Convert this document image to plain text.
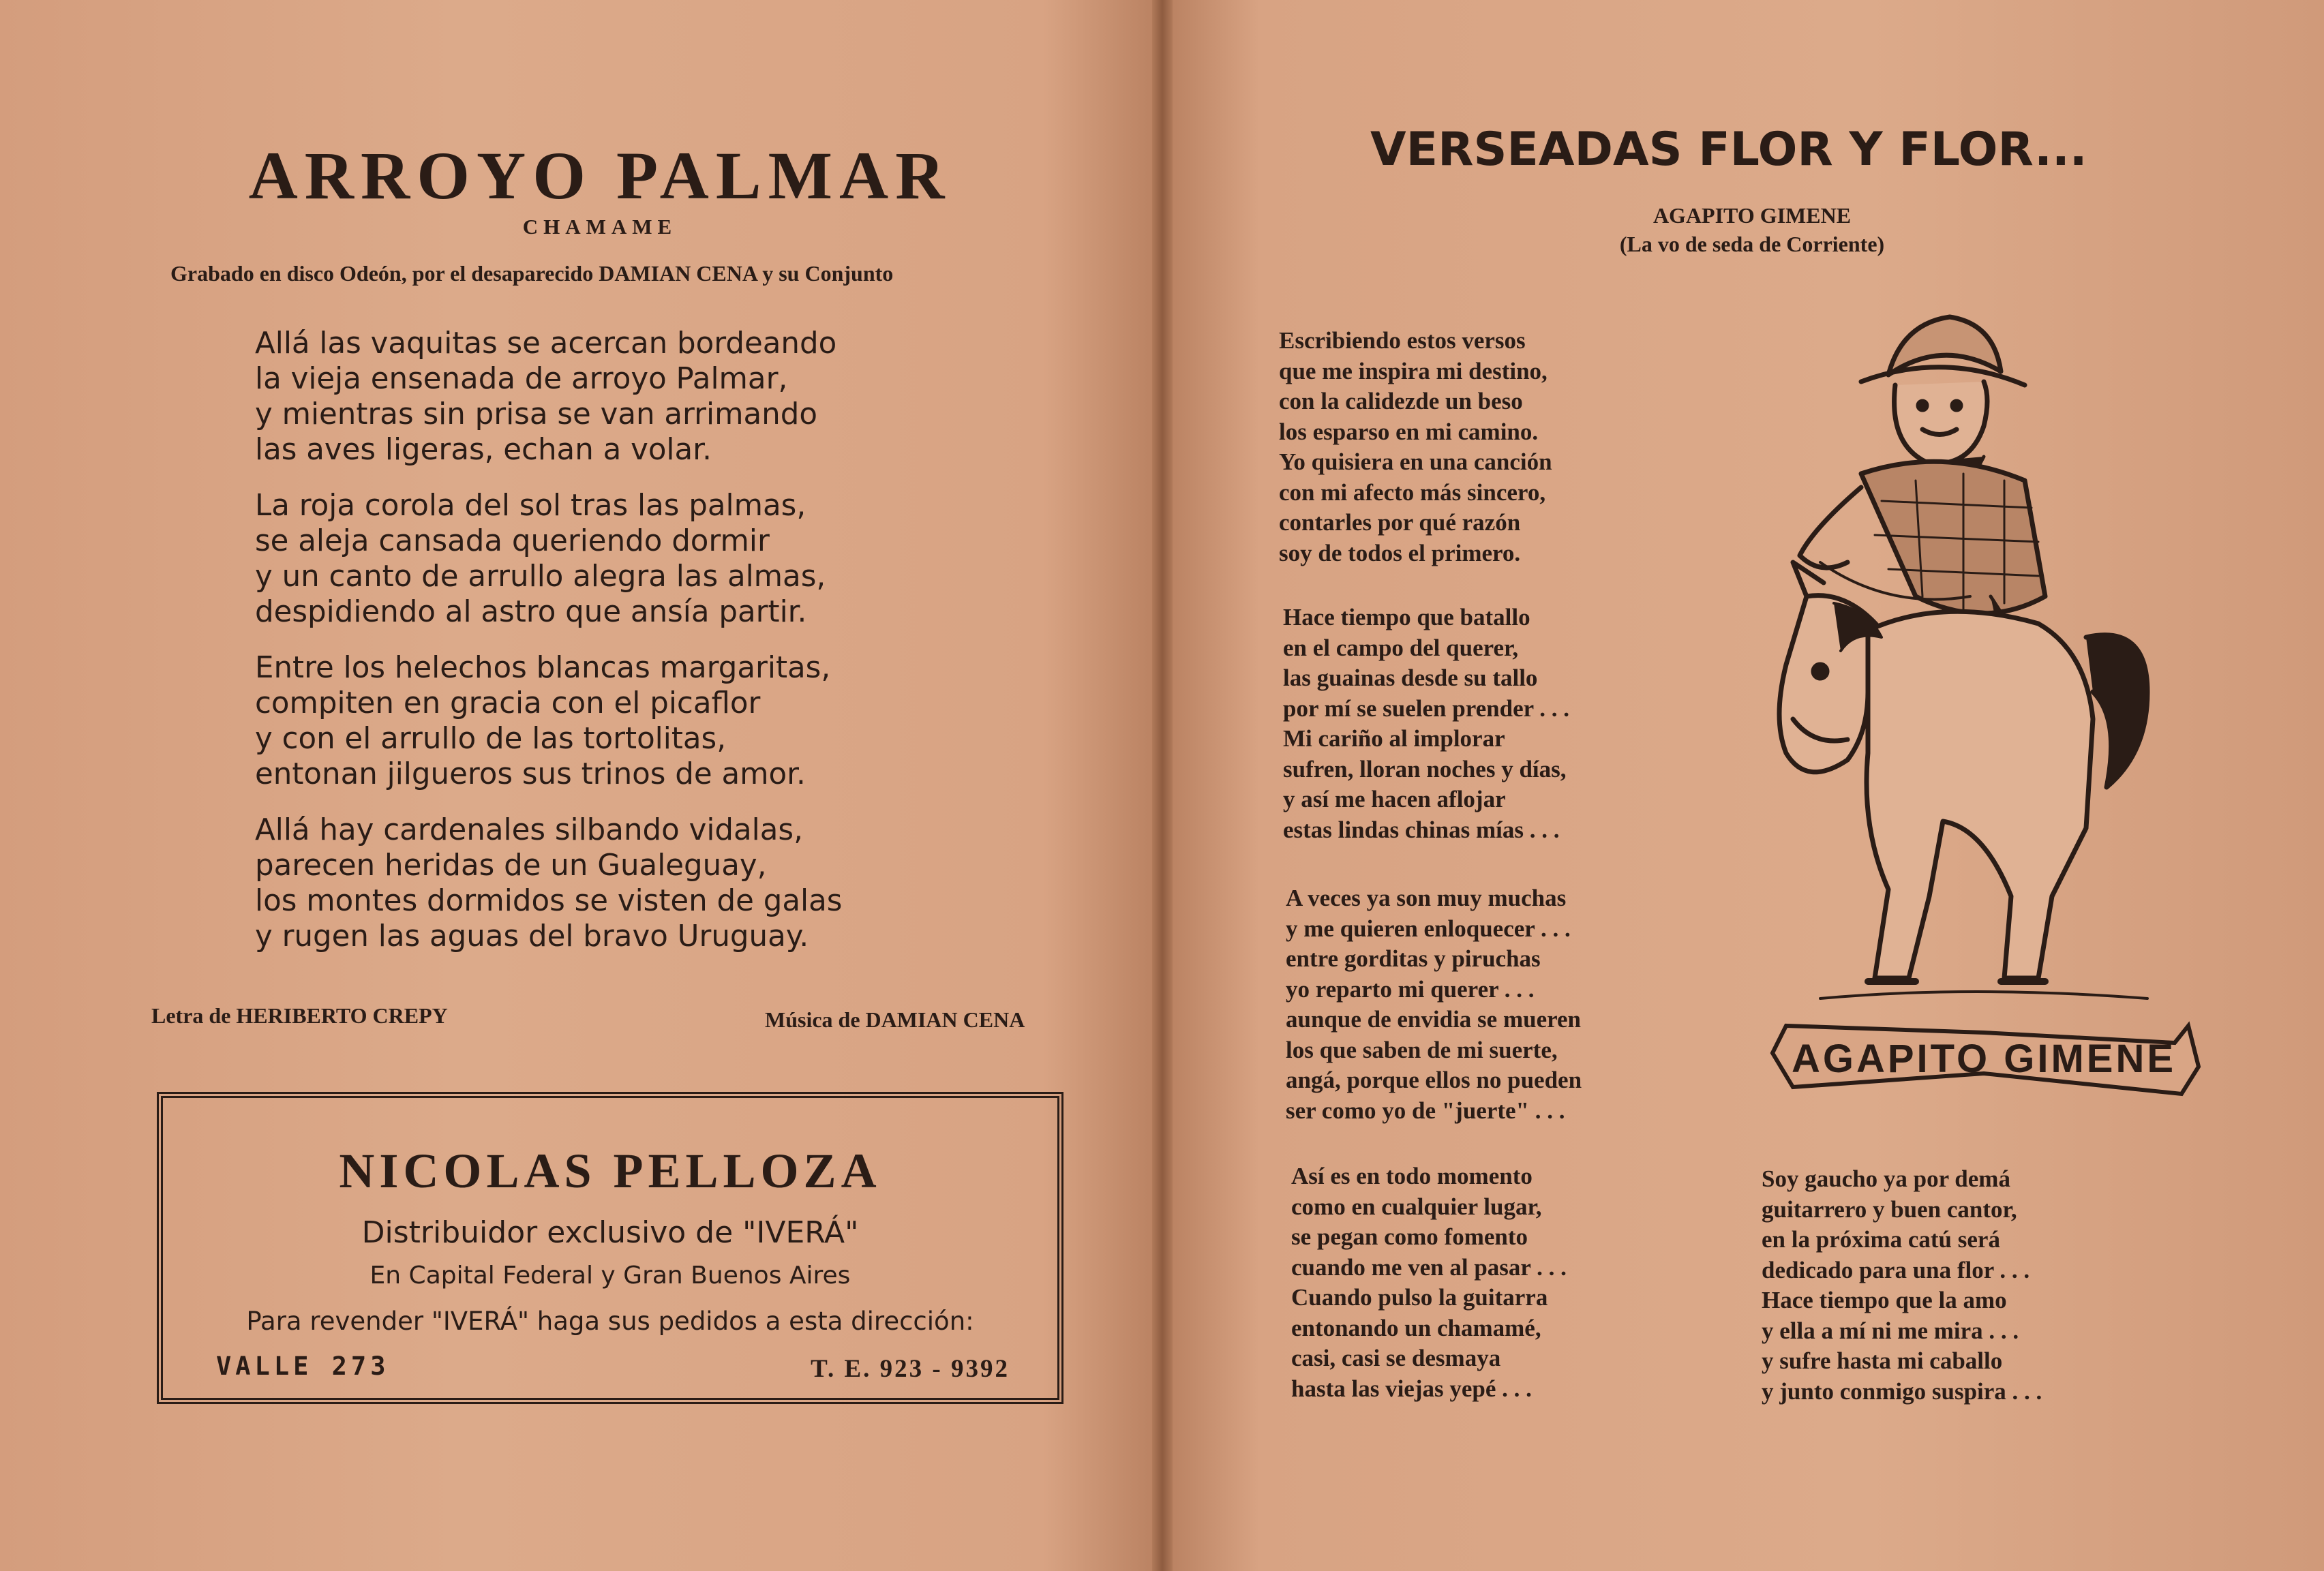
ARROYO PALMAR
CHAMAME
Grabado en disco Odeón, por el desaparecido DAMIAN CENA y su Conjunto
Allá las vaquitas se acercan bordeando
la vieja ensenada de arroyo Palmar,
y mientras sin prisa se van arrimando
las aves ligeras, echan a volar.
La roja corola del sol tras las palmas,
se aleja cansada queriendo dormir
y un canto de arrullo alegra las almas,
despidiendo al astro que ansía partir.
Entre los helechos blancas margaritas,
compiten en gracia con el picaflor
y con el arrullo de las tortolitas,
entonan jilgueros sus trinos de amor.
Allá hay cardenales silbando vidalas,
parecen heridas de un Gualeguay,
los montes dormidos se visten de galas
y rugen las aguas del bravo Uruguay.
Letra de HERIBERTO CREPY	Música de DAMIAN CENA
NICOLAS PELLOZA
Distribuidor exclusivo de "IVERÁ"
En Capital Federal y Gran Buenos Aires
Para revender "IVERÁ" haga sus pedidos a esta dirección:
VALLE 273	T. E. 923 - 9392
VERSEADAS FLOR Y FLOR...
AGAPITO GIMENE
(La vo de seda de Corriente)
Escribiendo estos versos
que me inspira mi destino,
con la calidezde un beso
los esparso en mi camino.
Yo quisiera en una canción
con mi afecto más sincero,
contarles por qué razón
soy de todos el primero.
Hace tiempo que batallo
en el campo del querer,
las guainas desde su tallo
por mí se suelen prender . . .
Mi cariño al implorar
sufren, lloran noches y días,
y así me hacen aflojar
estas lindas chinas mías . . .
A veces ya son muy muchas
y me quieren enloquecer . . .
entre gorditas y piruchas
yo reparto mi querer . . .
aunque de envidia se mueren
los que saben de mi suerte,
angá, porque ellos no pueden
ser como yo de "juerte" . . .
Así es en todo momento
como en cualquier lugar,
se pegan como fomento
cuando me ven al pasar . . .
Cuando pulso la guitarra
entonando un chamamé,
casi, casi se desmaya
hasta las viejas yepé . . .
Soy gaucho ya por demá
guitarrero y buen cantor,
en la próxima catú será
dedicado para una flor . . .
Hace tiempo que la amo
y ella a mí ni me mira . . .
y sufre hasta mi caballo
y junto conmigo suspira . . .
AGAPITO GIMENE
